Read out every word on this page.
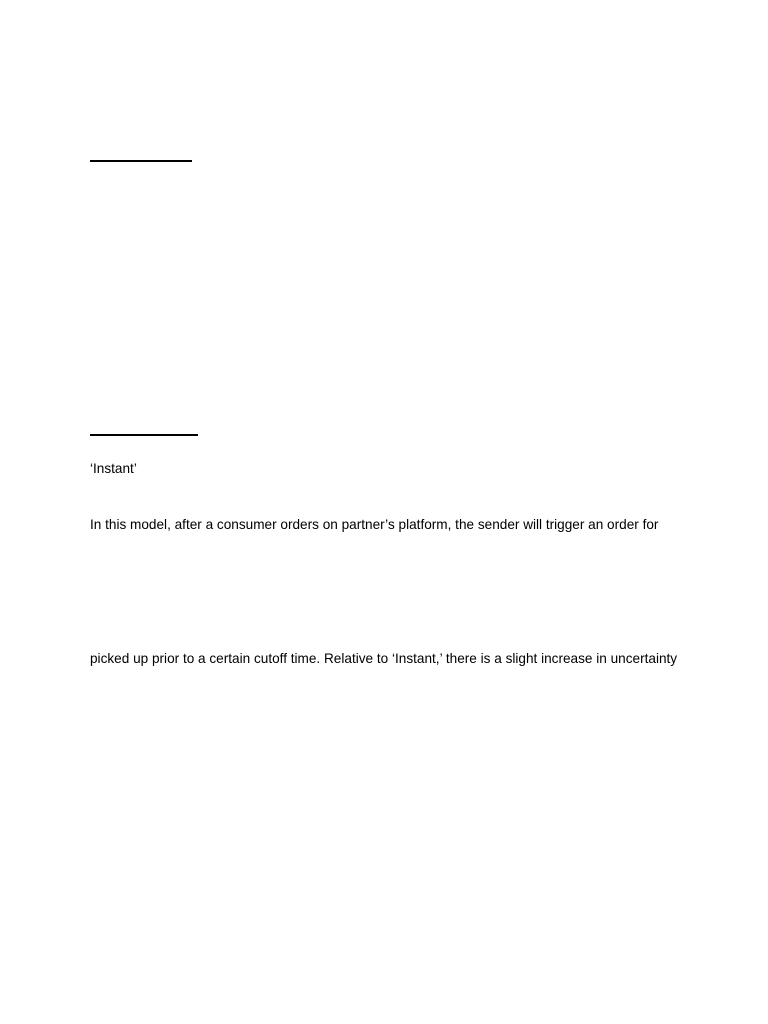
‘Instant’
In this model, after a consumer orders on partner’s platform, the sender will trigger an order for
picked up prior to a certain cutoff time. Relative to ‘Instant,’ there is a slight increase in uncertainty
